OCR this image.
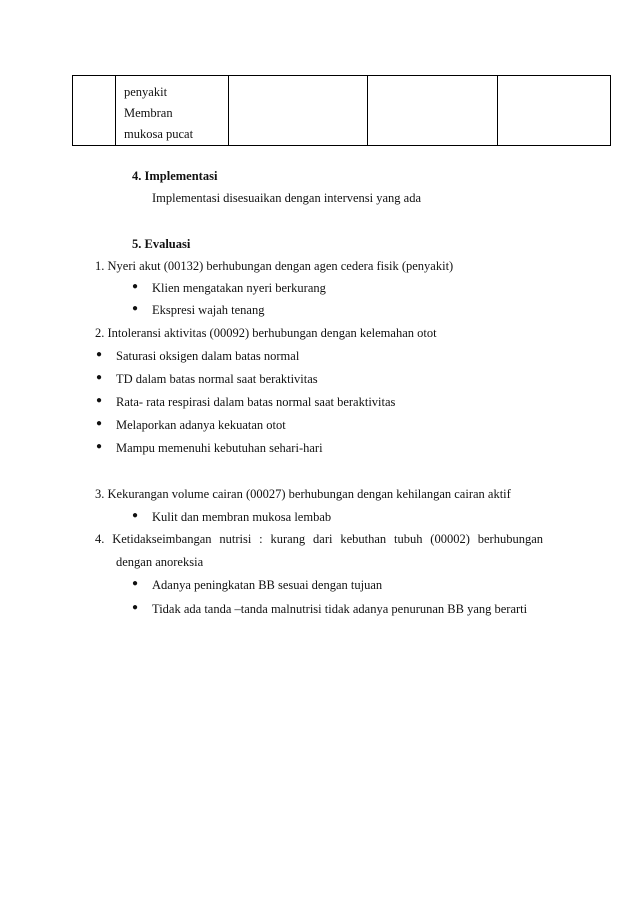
penyakit
Membran
mukosa pucat

4. Implementasi
Implementasi disesuaikan dengan intervensi yang ada
5. Evaluasi
1. Nyeri akut (00132) berhubungan dengan agen cedera fisik (penyakit)
● Klien mengatakan nyeri berkurang
● Ekspresi wajah tenang
2. Intoleransi aktivitas (00092) berhubungan dengan kelemahan otot
● Saturasi oksigen dalam batas normal
● TD dalam batas normal saat beraktivitas
● Rata- rata respirasi dalam batas normal saat beraktivitas
● Melaporkan adanya kekuatan otot
● Mampu memenuhi kebutuhan sehari-hari
3. Kekurangan volume cairan (00027) berhubungan dengan kehilangan cairan aktif
● Kulit dan membran mukosa lembab
4. Ketidakseimbangan nutrisi : kurang dari kebuthan tubuh (00002) berhubungan
dengan anoreksia
● Adanya peningkatan BB sesuai dengan tujuan
● Tidak ada tanda –tanda malnutrisi tidak adanya penurunan BB yang berarti
